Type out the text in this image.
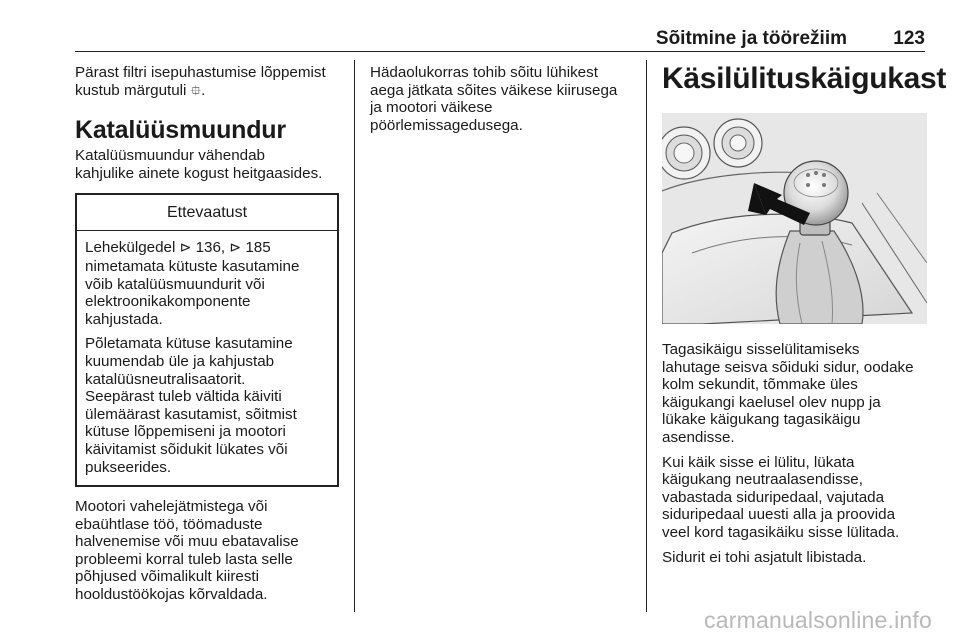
Sõitmine ja töörežiim 123
Pärast filtri isepuhastumise lõppemist
kustub märgutuli ⯐.
Katalüüsmuundur
Katalüüsmuundur vähendab
kahjulike ainete kogust heitgaasides.
Ettevaatust

Lehekülgedel ⊳ 136, ⊳ 185
nimetamata kütuste kasutamine
võib katalüüsmuundurit või
elektroonikakomponente
kahjustada.

Põletamata kütuse kasutamine
kuumendab üle ja kahjustab
katalüüsneutralisaatorit.
Seepärast tuleb vältida käiviti
ülemäärast kasutamist, sõitmist
kütuse lõppemiseni ja mootori
käivitamist sõidukit lükates või
pukseerides.

Mootori vahelejätmistega või
ebaühtlase töö, töömaduste
halvenemise või muu ebatavalise
probleemi korral tuleb lasta selle
põhjused võimalikult kiiresti
hooldustöökojas kõrvaldada.
Hädaolukorras tohib sõitu lühikest
aega jätkata sõites väikese kiirusega
ja mootori väikese
pöörlemissagedusega.
Käsilülituskäigukast

Tagasikäigu sisselülitamiseks
lahutage seisva sõiduki sidur, oodake
kolm sekundit, tõmmake üles
käigukangi kaelusel olev nupp ja
lükake käigukang tagasikäigu
asendisse.

Kui käik sisse ei lülitu, lükata
käigukang neutraalasendisse,
vabastada siduripedaal, vajutada
siduripedaal uuesti alla ja proovida
veel kord tagasikäiku sisse lülitada.

Sidurit ei tohi asjatult libistada.

carmanualsonline.info
